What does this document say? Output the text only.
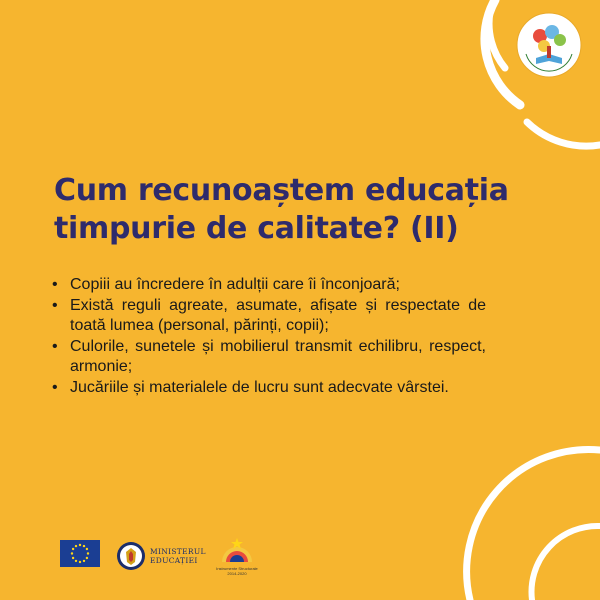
Cum recunoaștem educația
timpurie de calitate? (II)
• Copiii au încredere în adulții care îi înconjoară;
• Există reguli agreate, asumate, afișate și respectate de toată lumea (personal, părinți, copii);
• Culorile, sunetele și mobilierul transmit echilibru, respect, armonie;
• Jucăriile și materialele de lucru sunt adecvate vârstei.
MINISTERUL
EDUCAȚIEI
Instrumente Structurale
2014-2020
